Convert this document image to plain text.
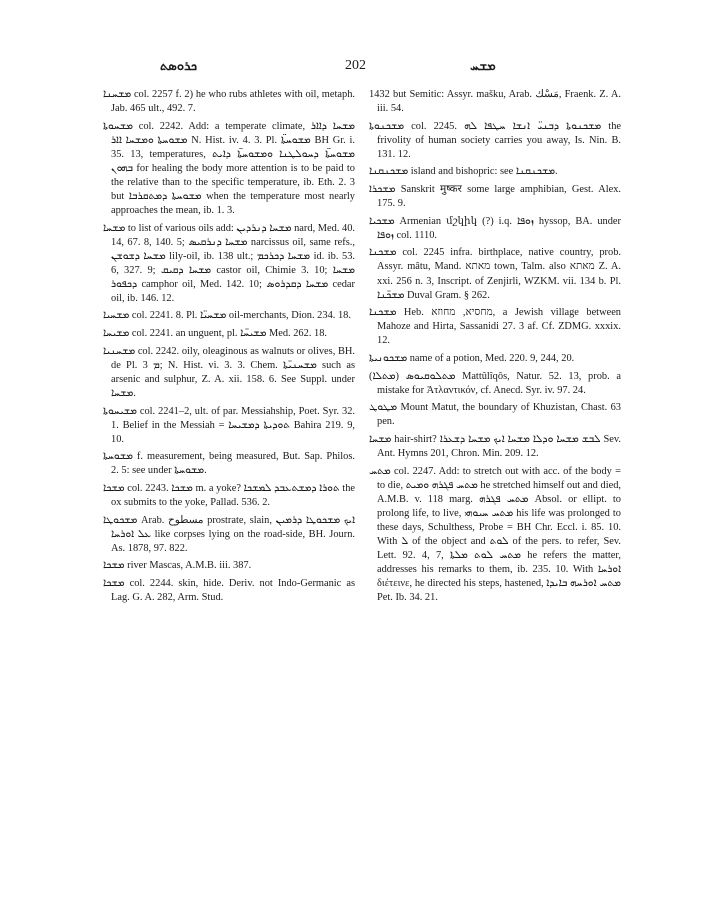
ܟܪܘܣܬ	202	ܡܫܚ

ܡܫܚܢܐ col. 2257 f. 2) he who rubs athletes with oil, metaph. Jab. 465 ult., 492. 7.

ܡܫܚܘܬܐ col. 2242. Add: a temperate climate, ܡܫܚܐ ܕܐܐܪ ܡܫܘܚܬܐ ܘܡܫܚܐ ܐܐܪ N. Hist. iv. 4. 3. Pl. ܡܫܘܚܬ̈ܐ BH Gr. i. 35. 13, temperatures, ܡܫܘܚܬ̈ܐ ܕܚܘܠܛܢܐ ܘܡܫܘܚܬ̈ܐ ܕܐܝܬ ܒܗܘܢ for healing the body more attention is to be paid to the relative than to the specific temperature, ib. Eth. 2. 3 but ܡܫܘܚܬܐ ܕܡܬܩܪܒܐ when the temperature most nearly approaches the mean, ib. 1. 3.

ܡܫܚܐ to list of various oils add: ܡܫܚܐ ܕܢܪܕܝܢ nard, Med. 40. 14, 67. 8, 140. 5; ܡܫܚܐ ܕܢܪܩܝܣ narcissus oil, same refs., ܡܫܚܐ ܕܫܘܫܢ lily-oil, ib. 138 ult.; ܡܫܚܐ ܕܟܪܟܡ id. ib. 53. 6, 327. 9; ܡܫܚܐ ܕܩܝܩ castor oil, Chimie 3. 10; ܡܫܚܐ ܕܟܦܘܪ camphor oil, Med. 142. 10; ܡܫܚܐ ܕܩܕܪܘܣ cedar oil, ib. 146. 12.

ܡܫܚܝܐ col. 2241. 8. Pl. ܡܫܚܝ̈ܐ oil-merchants, Dion. 234. 18.

ܡܫܝܚܐ col. 2241. an unguent, pl. ܡܫܝܚ̈ܐ Med. 262. 18.

ܡܫܚܢܝܐ col. 2242. oily, oleaginous as walnuts or olives, BH. de Pl. ܡ 3; N. Hist. vi. 3. 3. Chem. ܡܫܚܢܝ̈ܬܐ such as arsenic and sulphur, Z. A. xii. 158. 6. See Suppl. under ܡܫܚܐ.

ܡܫܝܚܘܬܐ col. 2241–2, ult. of par. Messiahship, Poet. Syr. 32. 1. Belief in the Messiah = ܬܘܕܝܬܐ ܕܡܫܝܚܐ Bahira 219. 9, 10.

ܡܫܘܚܬܐ f. measurement, being measured, But. Sap. Philos. 2. 5: see under ܡܫܘܚܬܐ.

ܡܫܟܐ col. 2243. ܡܫܟܐ m. a yoke? ܬܘܪܐ ܕܡܫܬܥܒܕ ܠܡܫܟܐ the ox submits to the yoke, Pallad. 536. 2.

ܡܫܟܘܛܐ Arab. مسطوح prostrate, slain, ܐܝܟ ܡܫܟܘܛܐ ܕܪܡܝܢ ܥܠ ܐܘܪܚܐ like corpses lying on the road-side, BH. Journ. As. 1878, 97. 822.

ܡܫܟܐ river Mascas, A.M.B. iii. 387.

ܡܫܟܐ col. 2244. skin, hide. Deriv. not Indo-Germanic as Lag. G. A. 282, Arm. Stud.

1432 but Semitic: Assyr. mašku, Arab. مَسْك, Fraenk. Z. A. iii. 54.

ܡܫܟܢܘܬܐ col. 2245. ܡܫܟܢܘܬܐ ܕܒܢܝ̈ ܐܢܫܐ ܚܛܦܐ ܠܗ the frivolity of human society carries you away, Is. Nin. B. 131. 12.

ܡܫܟܢܩܢܐ island and bishopric: see ܡܫܟܢܩܢܐ.

ܡܫܟܪܐ Sanskrit मुष्कर some large amphibian, Gest. Alex. 175. 9.

ܡܫܟܝܐ Armenian մշկիկ (?) i.q. ܙܘܦܐ hyssop, BA. under ܙܘܦܐ col. 1110.

ܡܫܟܢܐ col. 2245 infra. birthplace, native country, prob. Assyr. mâtu, Mand. מאתא town, Talm. also מאתא Z. A. xxi. 256 n. 3, Inscript. of Zenjirli, WZKM. vii. 134 b. Pl. ܡܫܟ̈ܢܐ Duval Gram. § 262.

ܡܫܟܢܐ Heb. מחסיא, מחוזא, a Jewish village between Mahoze and Hirta, Sassanidi 27. 3 af. Cf. ZDMG. xxxix. 12.

ܡܫܟܘܢܝܬܐ name of a potion, Med. 220. 9, 244, 20.

ܡܬܠܘܩܝܘܣ (ܡܬܠܐ) Mattûlîqôs, Natur. 52. 13, prob. a mistake for Ἀτλαντικόν, cf. Anecd. Syr. iv. 97. 24.

ܡܛܘܛ Mount Matut, the boundary of Khuzistan, Chast. 63 pen.

ܡܫܚܐ hair-shirt? ܠܒܫ ܡܫܚܐ ܘܕܠܐ ܡܫܚܐ ܐܝܟ ܡܫܚܐ ܕܫܥܪܐ Sev. Ant. Hymns 201, Chron. Min. 209. 12.

ܡܬܚ col. 2247. Add: to stretch out with acc. of the body = to die, ܡܬܚ ܦܓܪܗ ܘܡܝܬ he stretched himself out and died, A.M.B. v. 118 marg. ܡܬܚ ܦܓܪܗ Absol. or ellipt. to prolong life, to live, ܡܬܚ ܚܝܘܗܝ his life was prolonged to these days, Schulthess, Probe = BH Chr. Eccl. i. 85. 10. With ܠ of the object and ܠܘܬ of the pers. to refer, Sev. Lett. 92. 4, 7, ܡܬܚ ܠܘܬ ܡܠܬܐ he refers the matter, addresses his remarks to them, ib. 235. 10. With ܐܘܪܚܐ διέτεινε, he directed his steps, hastened, ܡܬܚ ܐܘܪܚܗ ܒܐܝܕܐ Pet. Ib. 34. 21.
